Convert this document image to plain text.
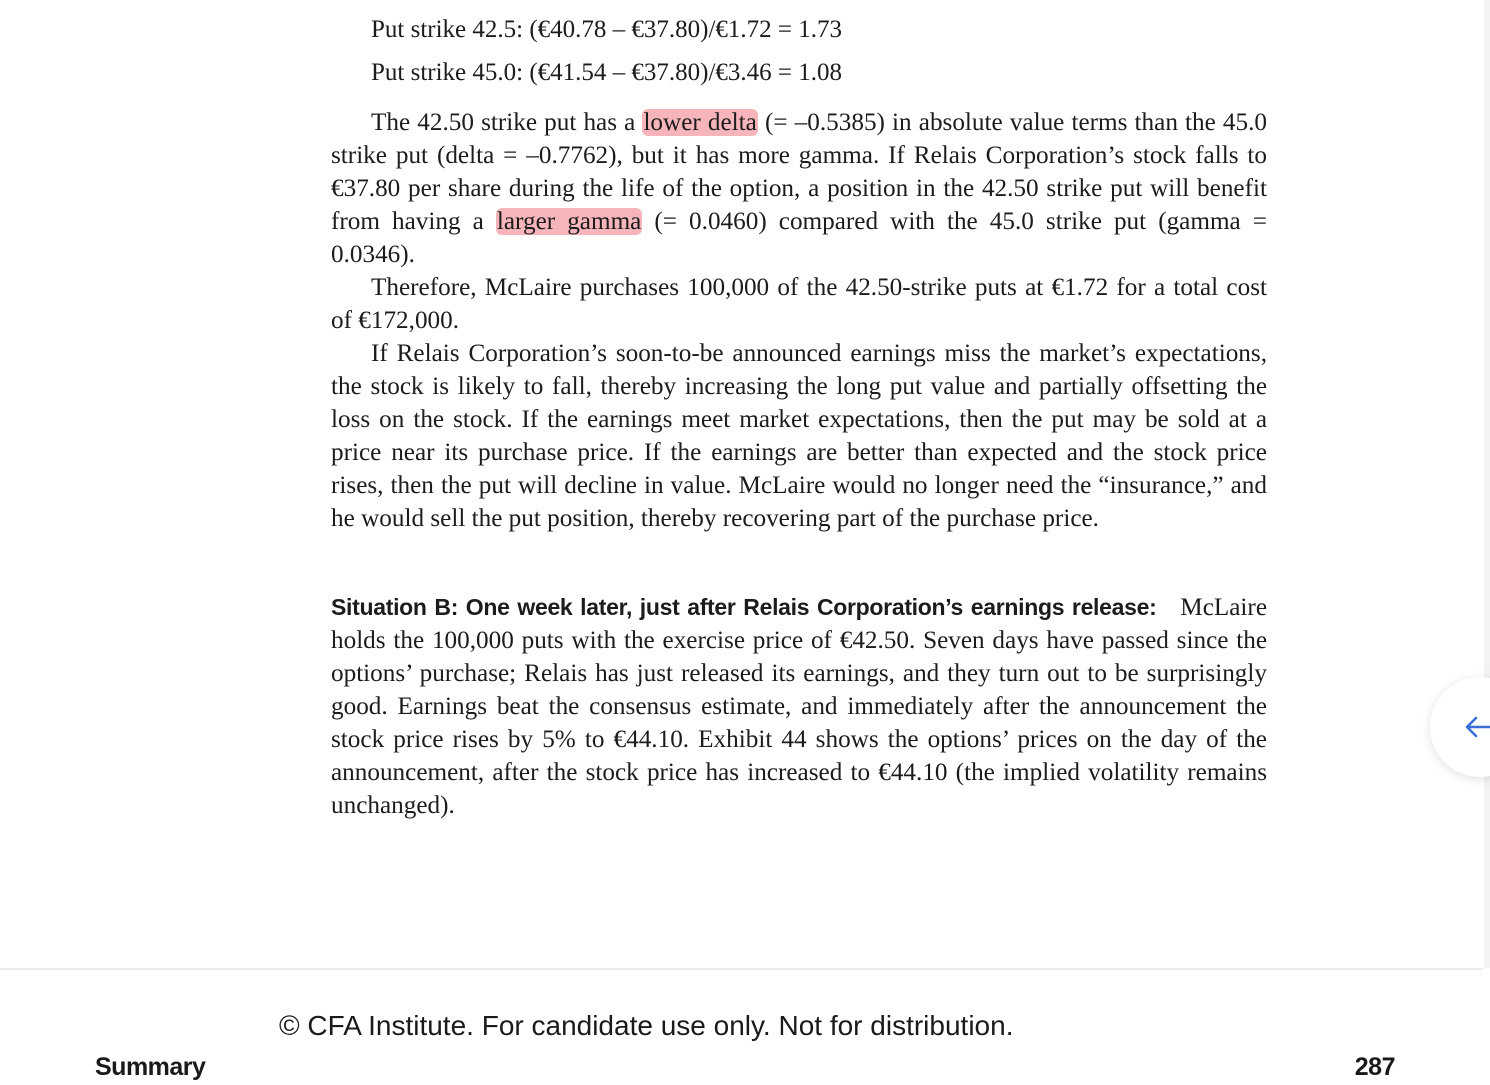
Put strike 42.5: (€40.78 – €37.80)/€1.72 = 1.73
Put strike 45.0: (€41.54 – €37.80)/€3.46 = 1.08

The 42.50 strike put has a lower delta (= –0.5385) in absolute value terms than the 45.0 strike put (delta = –0.7762), but it has more gamma. If Relais Corporation’s stock falls to €37.80 per share during the life of the option, a position in the 42.50 strike put will benefit from having a larger gamma (= 0.0460) compared with the 45.0 strike put (gamma = 0.0346).

Therefore, McLaire purchases 100,000 of the 42.50-strike puts at €1.72 for a total cost of €172,000.

If Relais Corporation’s soon-to-be announced earnings miss the market’s expectations, the stock is likely to fall, thereby increasing the long put value and partially offsetting the loss on the stock. If the earnings meet market expectations, then the put may be sold at a price near its purchase price. If the earnings are better than expected and the stock price rises, then the put will decline in value. McLaire would no longer need the “insurance,” and he would sell the put position, thereby recovering part of the purchase price.

Situation B: One week later, just after Relais Corporation’s earnings release: McLaire holds the 100,000 puts with the exercise price of €42.50. Seven days have passed since the options’ purchase; Relais has just released its earnings, and they turn out to be surprisingly good. Earnings beat the consensus estimate, and immediately after the announcement the stock price rises by 5% to €44.10. Exhibit 44 shows the options’ prices on the day of the announcement, after the stock price has increased to €44.10 (the implied volatility remains unchanged).

© CFA Institute. For candidate use only. Not for distribution.
Summary	287
